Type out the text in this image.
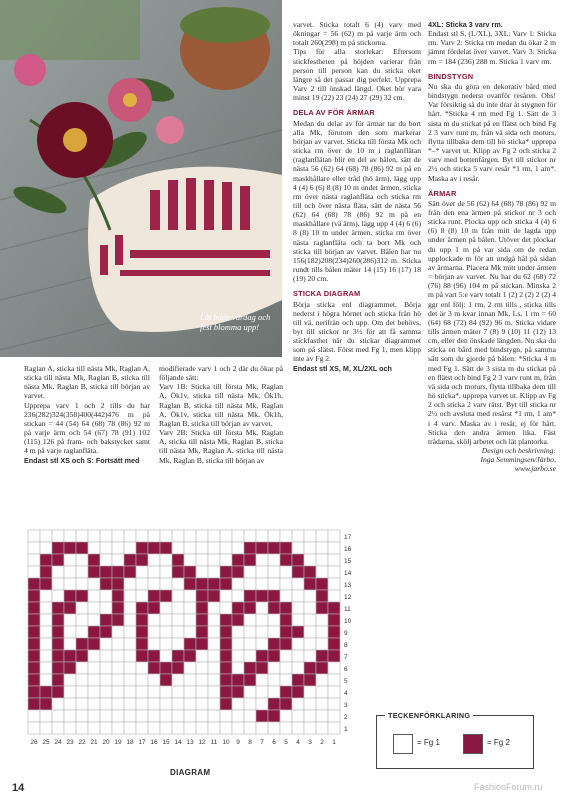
Låt både vardag och fest blomma upp!

Raglan A, sticka till nästa Mk, Raglan A, sticka till nästa Mk, Raglan B, sticka till nästa Mk, Raglan B, sticka till början av varvet.

Upprepa varv 1 och 2 tills du har 236(282)324(358)400(442)476 m på stickan = 44 (54) 64 (68) 78 (86) 92 m på varje ärm och 54 (67) 78 (91) 102 (115) 126 på fram- och bakstycket samt 4 m på varje raglanfläta.

Endast stl XS och S: Fortsätt med

modifierade varv 1 och 2 där du ökar på följande sätt:

Varv 1B: Sticka till första Mk, Raglan A, Ök1v, sticka till nästa Mk, Ök1h, Raglan B, sticka till nästa Mk, Raglan A, Ök1v, sticka till nästa Mk, Ök1h, Raglan B, sticka till början av varvet.

Varv 2B: Sticka till första Mk, Raglan A, sticka till nästa Mk, Raglan B, sticka till nästa Mk, Raglan A, sticka till nästa Mk, Raglan B, sticka till början av

varvet. Sticka totalt 6 (4) varv med ökningar = 56 (62) m på varje ärm och totalt 260(298) m på stickorna.

Tips för alla storlekar: Eftersom stickfestheten på höjden varierar från person till person kan du sticka oket längre så det passar dig perfekt. Upprepa Varv 2 till önskad längd. Oket bör vara minst 19 (22) 23 (24) 27 (29) 32 cm.

DELA AV FÖR ÄRMAR

Medan du delar av för ärmar tar du bort alla Mk, förutom den som markerar början av varvet. Sticka till första Mk och sticka rm över de 10 m i raglanflätan (raglanflätan blir en del av bålen, sätt de nästa 56 (62) 64 (68) 78 (86) 92 m på en maskhållare eller tråd (hö ärm), lägg upp 4 (4) 6 (6) 8 (8) 10 m under ärmen, sticka rm över nästa raglanfläta och sticka rm till och över nästa fläta, sätt de nästa 56 (62) 64 (68) 78 (86) 92 m på en maskhållare (vä ärm), lägg upp 4 (4) 6 (6) 8 (8) 10 m under ärmen, sticka rm över nästa raglanfläta och ta bort Mk och sticka till början av varvet. Bålen har nu 156(182)208(234)260(286)312 m. Sticka rundt tills bålen mäter 14 (15) 16 (17) 18 (19) 20 cm.

STICKA DIAGRAM

Börja sticka enl diagrammet. Börja nederst i högra hörnet och sticka från hö till vä, nerifrån och upp. Om det behövs, byt till stickor nr 3½ för att få samma stickfasthet när du stickar diagrammet som på slätst. Först med Fg 1, men klipp inte av Fg 2.

Endast stl XS, M, XL/2XL och

4XL: Sticka 3 varv rm.

Endast stl S, (L/XL), 3XL: Varv 1: Sticka rm. Varv 2: Sticka rm medan du ökar 2 m jämnt fördelat över varvet. Varv 3: Sticka rm = 184 (236) 288 m. Sticka 1 varv rm.

BINDSTYGN

Nu ska du göra en dekorativ bård med bindstygn nederst ovanför resåren. Obs! Var försiktig så du inte drar åt stygnen för hårt. *Sticka 4 rm med Fg 1. Sätt de 3 sista m du stickat på en flätst och bind Fg 2 3 varv runt m, från vä sida och moturs, flytta tillbaka dem till hö sticka* upprepa *–* varvet ut. Klipp av Fg 2 och sticka 2 varv med bottenfärgen. Byt till stickor nr 2½ och sticka 5 varv resår *1 rm, 1 am*. Maska av i resår.

ÄRMAR

Sätt över de 56 (62) 64 (68) 78 (86) 92 m från den ena ärmen på stickor nr 3 och sticka runt. Plocka upp och sticka 4 (4) 6 (6) 8 (8) 10 m från mitt de lagda upp under ärmen på bålen. Utöver det plockar du upp 1 m på var sida om de redan upplockade m för att undgå hål på sidan av ärmarna. Placera Mk mitt under ärmen = början av varvet. Nu har du 62 (68) 72 (76) 88 (96) 104 m på stickan. Minska 2 m på vart 5:e varv totalt 1 (2) 2 (2) 2 (2) 4 ggr enl följ: 1 rm, 2 rm tills , sticka tills det är 3 m kvar innan Mk, Ls, 1 rm = 60 (64) 68 (72) 84 (92) 96 m. Sticka vidare tills ärmen mäter 7 (8) 9 (10) 11 (12) 13 cm, eller den önskade längden. Nu ska du sticka en bård med bindstygn, på samma sätt som du gjorde på bålen: *Sticka 4 m med Fg 1. Sätt de 3 sista m du stickat på en flätst och bind Fg 2 3 varv runt m, från vä sida och moturs, flytta tillbaka dem till hö sticka*, upprepa varvet ut. Klipp av Fg 2 och sticka 2 varv rätst. Byt till sticka nr 2½ och avsluta med resårst *1 rm, 1 am* i 4 varv. Maska av i resår, ej för hårt. Sticka den andra ärmen lika. Fäst trådarna, skölj arbetet och lät plantorka.

Design och beskrivning:

Inga Semmingsen/Järbo,

www.jarbo.se

17
16
15
14
13
12
11
10
9
8
7
6
5
4
3
2
1
26 25 24 23 22 21 20 19 18 17 16 15 14 13 12 11 10 9 8 7 6 5 4 3 2 1
DIAGRAM
TECKENFÖRKLARING
= Fg 1	= Fg 2
14	FashionForum.ru
